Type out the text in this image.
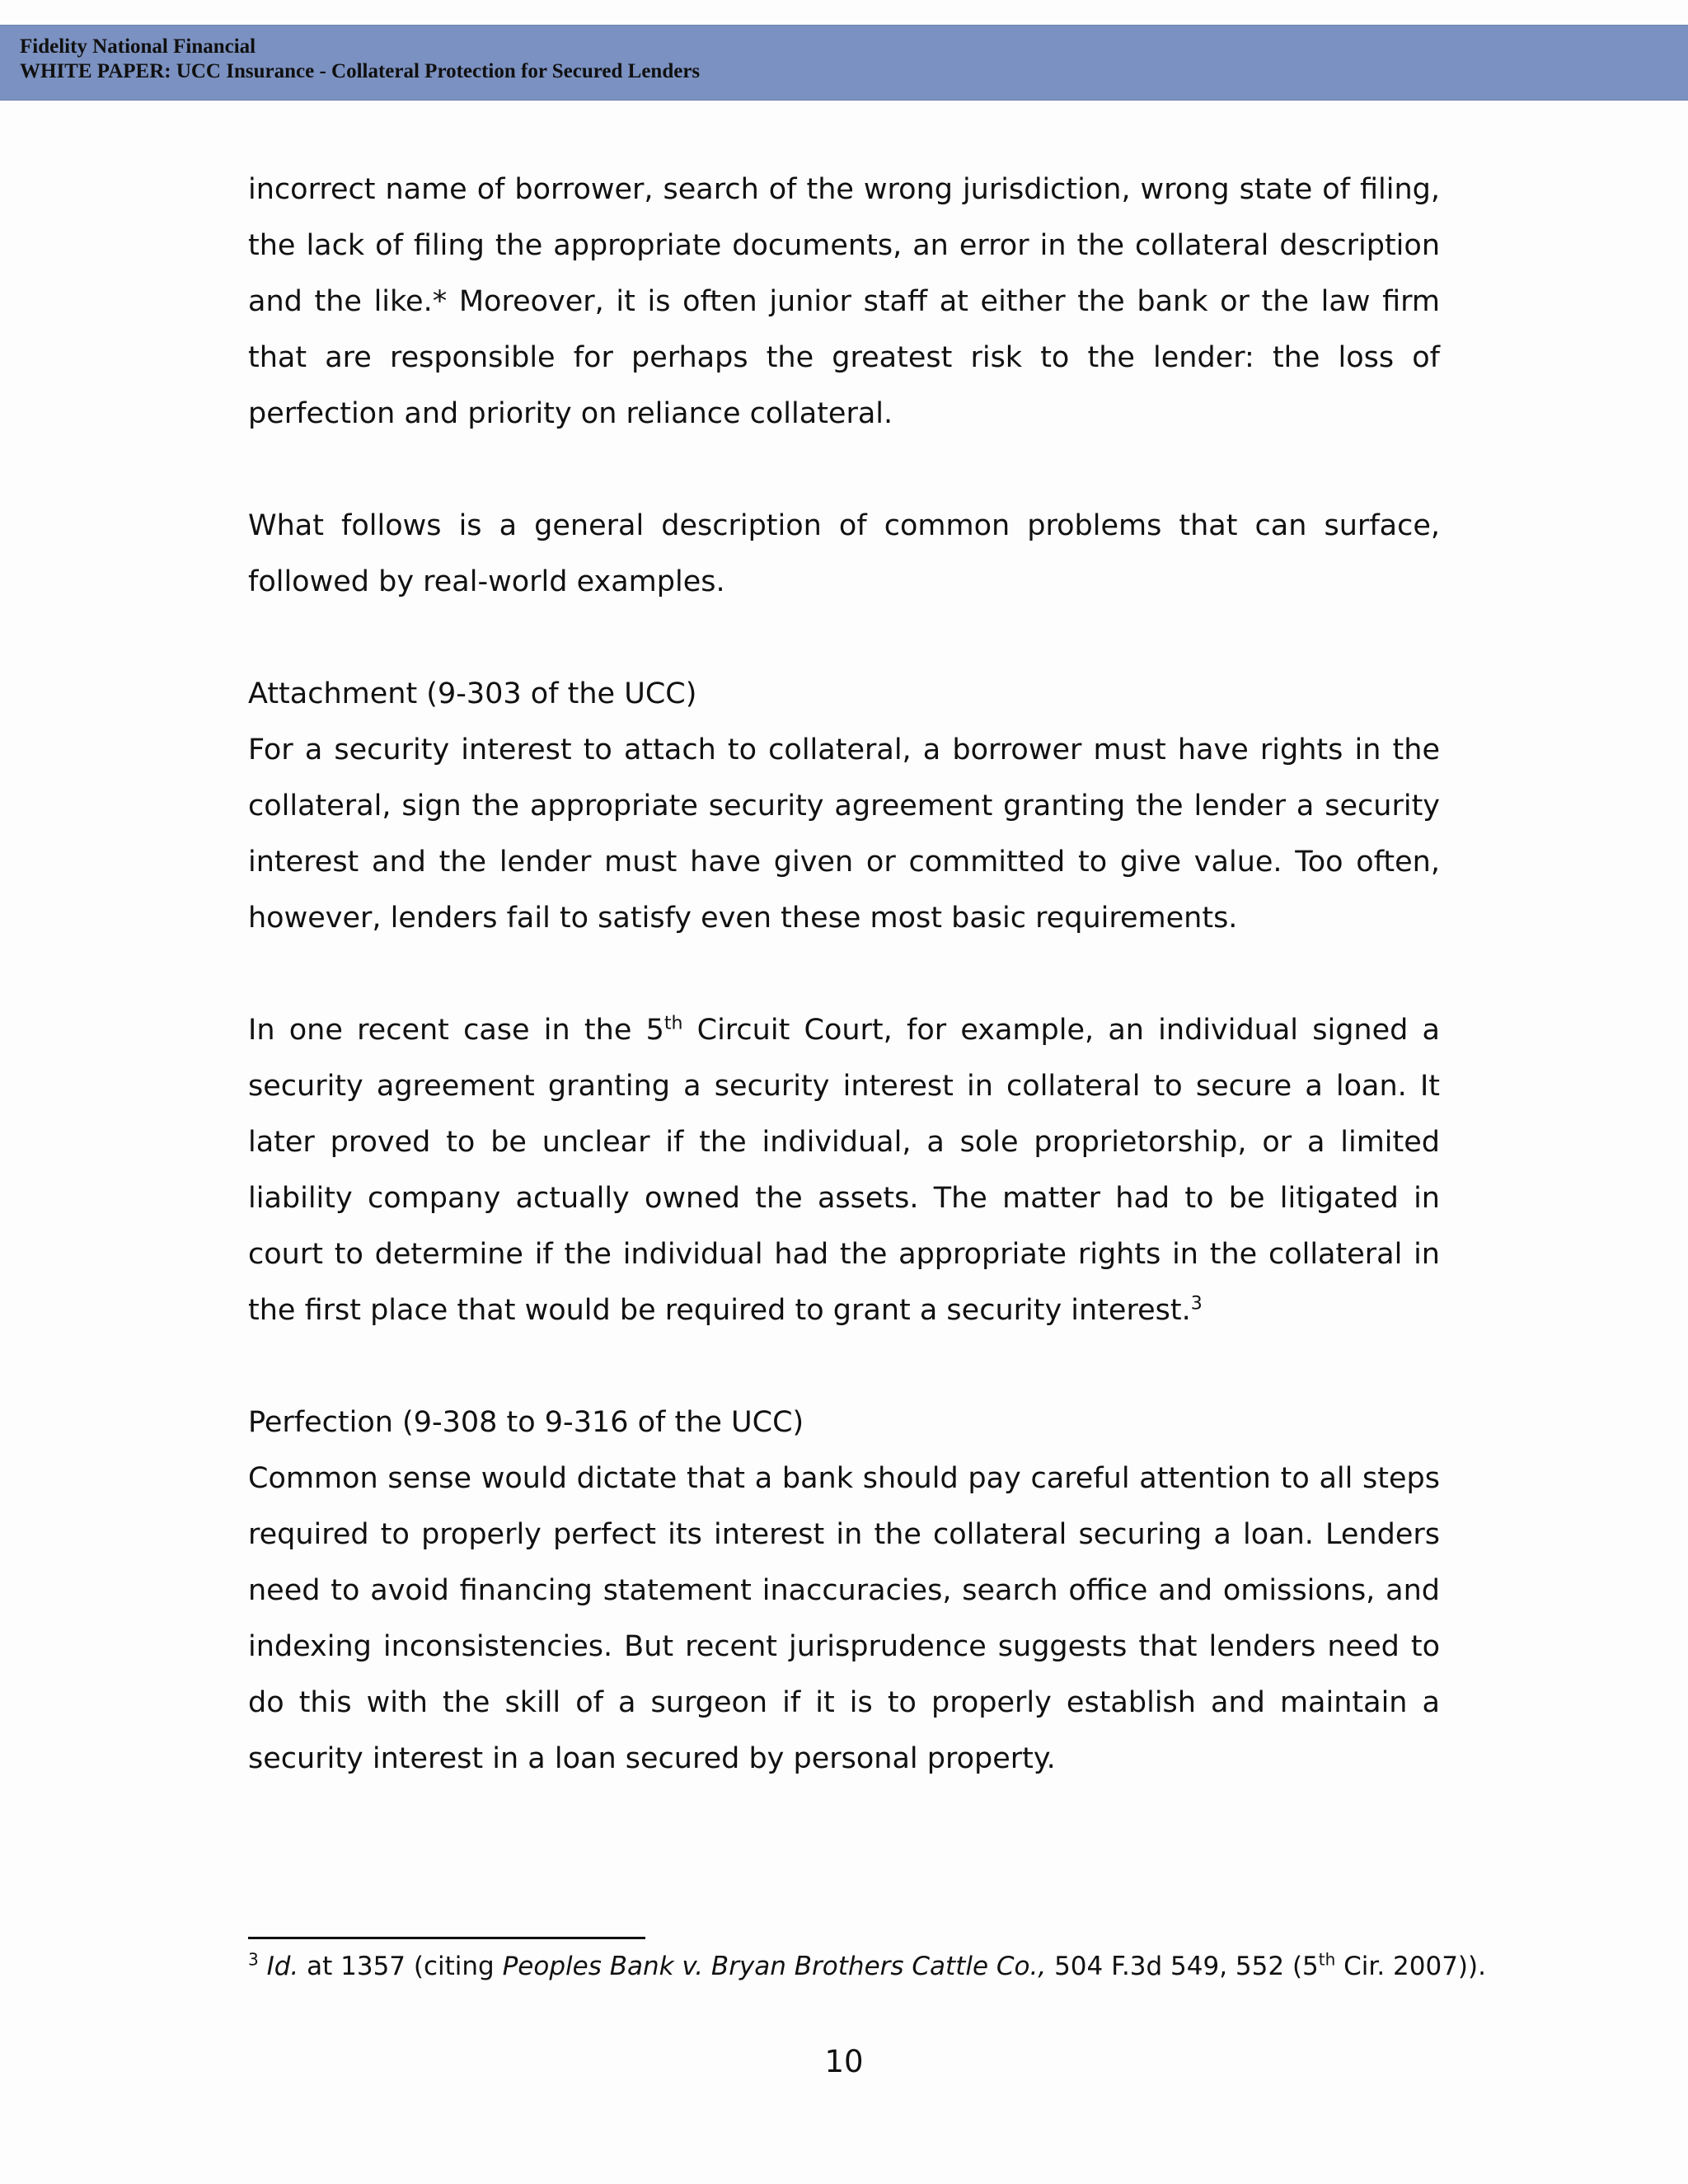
Fidelity National Financial
WHITE PAPER: UCC Insurance - Collateral Protection for Secured Lenders

incorrect name of borrower, search of the wrong jurisdiction, wrong state of filing, the lack of filing the appropriate documents, an error in the collateral description and the like.* Moreover, it is often junior staff at either the bank or the law firm that are responsible for perhaps the greatest risk to the lender: the loss of perfection and priority on reliance collateral.

What follows is a general description of common problems that can surface, followed by real-world examples.

Attachment (9-303 of the UCC)

For a security interest to attach to collateral, a borrower must have rights in the collateral, sign the appropriate security agreement granting the lender a security interest and the lender must have given or committed to give value. Too often, however, lenders fail to satisfy even these most basic requirements.

In one recent case in the 5th Circuit Court, for example, an individual signed a security agreement granting a security interest in collateral to secure a loan. It later proved to be unclear if the individual, a sole proprietorship, or a limited liability company actually owned the assets. The matter had to be litigated in court to determine if the individual had the appropriate rights in the collateral in the first place that would be required to grant a security interest.$^3$

Perfection (9-308 to 9-316 of the UCC)

Common sense would dictate that a bank should pay careful attention to all steps required to properly perfect its interest in the collateral securing a loan. Lenders need to avoid financing statement inaccuracies, search office and omissions, and indexing inconsistencies. But recent jurisprudence suggests that lenders need to do this with the skill of a surgeon if it is to properly establish and maintain a security interest in a loan secured by personal property.

$^3$ Id. at 1357 (citing Peoples Bank v. Bryan Brothers Cattle Co., 504 F.3d 549, 552 (5th Cir. 2007)).
10
